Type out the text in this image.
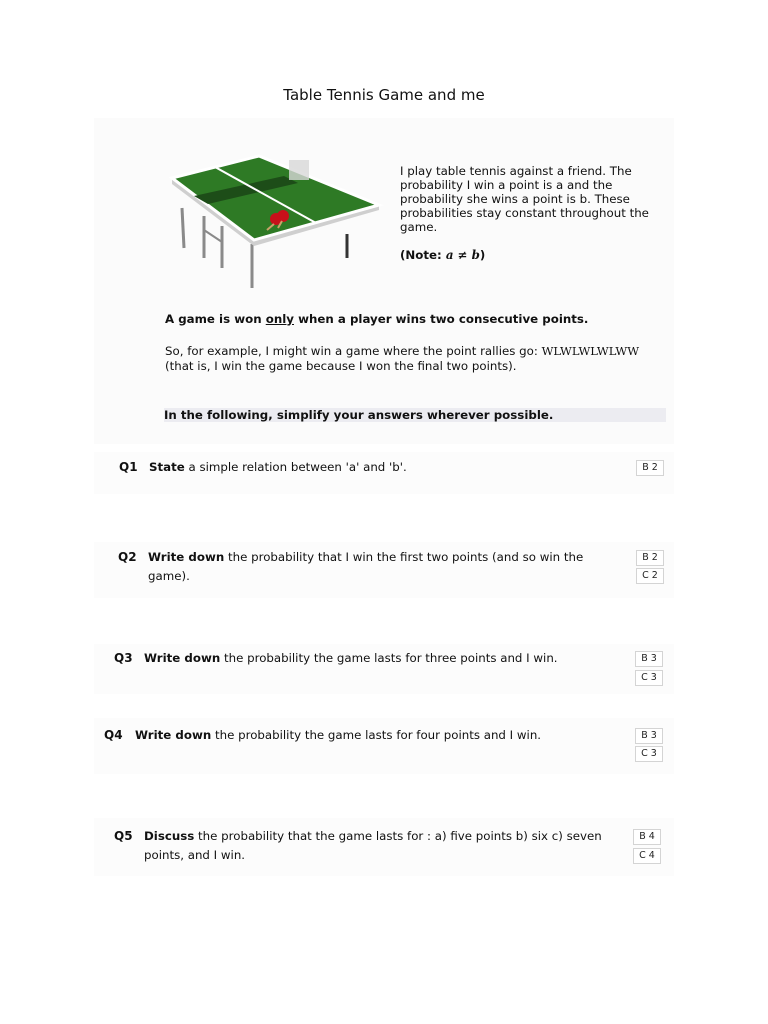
Table Tennis Game and me
I play table tennis against a friend. The probability I win a point is a and the probability she wins a point is b. These probabilities stay constant throughout the game.
(Note: a ≠ b)
A game is won only when a player wins two consecutive points.
So, for example, I might win a game where the point rallies go: WLWLWLWLWW
(that is, I win the game because I won the final two points).
In the following, simplify your answers wherever possible.
Q1 State a simple relation between 'a' and 'b'.	B 2
Q2 Write down the probability that I win the first two points (and so win the game).
B 2
C 2
Q3 Write down the probability the game lasts for three points and I win.	B 3
C 3
Q4 Write down the probability the game lasts for four points and I win.	B 3
C 3
Q5 Discuss the probability that the game lasts for : a) five points b) six c) seven points, and I win.
B 4
C 4
